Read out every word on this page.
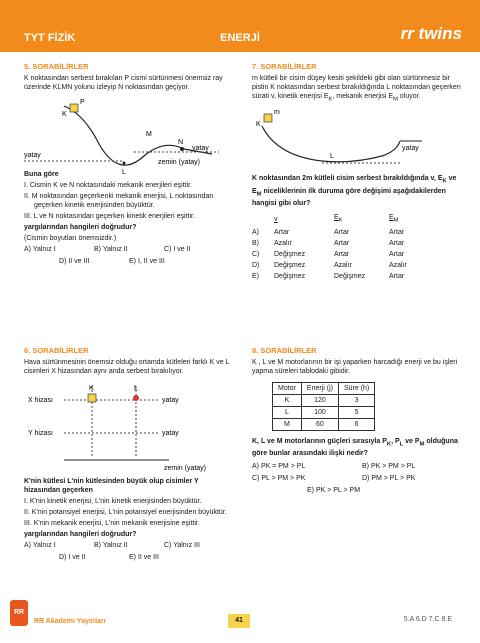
TYT FİZİK	ENERJİ	rr twins
5. SORABİLİRLER
K noktasından serbest bırakılan P cismi sürtünmesi önemsiz ray üzerinde KLMN yolunu izleyip N noktasından geçiyor.
K
P
M
N
L
yatay
yatay
zemin (yatay)
Buna göre
I. Cismin K ve N noktasındaki mekanik enerjileri eşittir.
II. M noktasından geçerkenki mekanik enerjisi, L noktasından geçerken kinetik enerjisinden büyüktür.
III. L ve N noktasından geçerken kinetik enerjileri eşittir.
yargılarından hangileri doğrudur?
(Cismin boyutları önemsizdir.)
A) Yalnız I	B) Yalnız II	C) I ve II
D) II ve III	E) I, II ve III
7. SORABİLİRLER
m kütleli bir cisim düşey kesiti şekildeki gibi olan sürtünmesiz bir pistin K noktasından serbest bırakıldığında L noktasından geçerken sürati v, kinetik enerjisi $E_K$, mekanik enerjisi $E_M$ oluyor.
K
m
L
yatay
K noktasından 2m kütleli cisim serbest bırakıldığında v, $E_K$ ve $E_M$ niceliklerinin ilk duruma göre değişimi aşağıdakilerden hangisi gibi olur?
	v	$E_K$	$E_M$
A)	Artar	Artar	Artar
B)	Azalır	Artar	Artar
C)	Değişmez	Artar	Artar
D)	Değişmez	Azalır	Azalır
E)	Değişmez	Değişmez	Artar
6. SORABİLİRLER
Hava sürtünmesinin önemsiz olduğu ortamda kütleleri farklı K ve L cisimleri X hizasından aynı anda serbest bırakılıyor.
K	L
X hizası
Y hizası
yatay
yatay
zemin (yatay)
K'nin kütlesi L'nin kütlesinden büyük olup cisimler Y hizasından geçerken
I. K'nin kinetik enerjisi, L'nin kinetik enerjisinden büyüktür.
II. K'nin potansiyel enerjisi, L'nin potansiyel enerjisinden büyüktür.
III. K'nin mekanik enerjisi, L'nin mekanik enerjisine eşittir.
yargılarından hangileri doğrudur?
A) Yalnız I	B) Yalnız II	C) Yalnız III
D) I ve II	E) II ve III
8. SORABİLİRLER
K , L ve M motorlarının bir işi yaparken harcadığı enerji ve bu işleri yapma süreleri tablodaki gibidir.
Motor	Enerji (j)	Süre (h)
K	120	3
L	100	5
M	60	6
K, L ve M motorlarının güçleri sırasıyla $P_K$, $P_L$ ve $P_M$ olduğuna göre bunlar arasındaki ilişki nedir?
A) PK = PM > PL	B) PK > PM > PL
C) PL > PM > PK	D) PM > PL > PK
E) PK > PL > PM
RR
RR Akademi Yayınları	41	5.A 6.D 7.C 8.E
